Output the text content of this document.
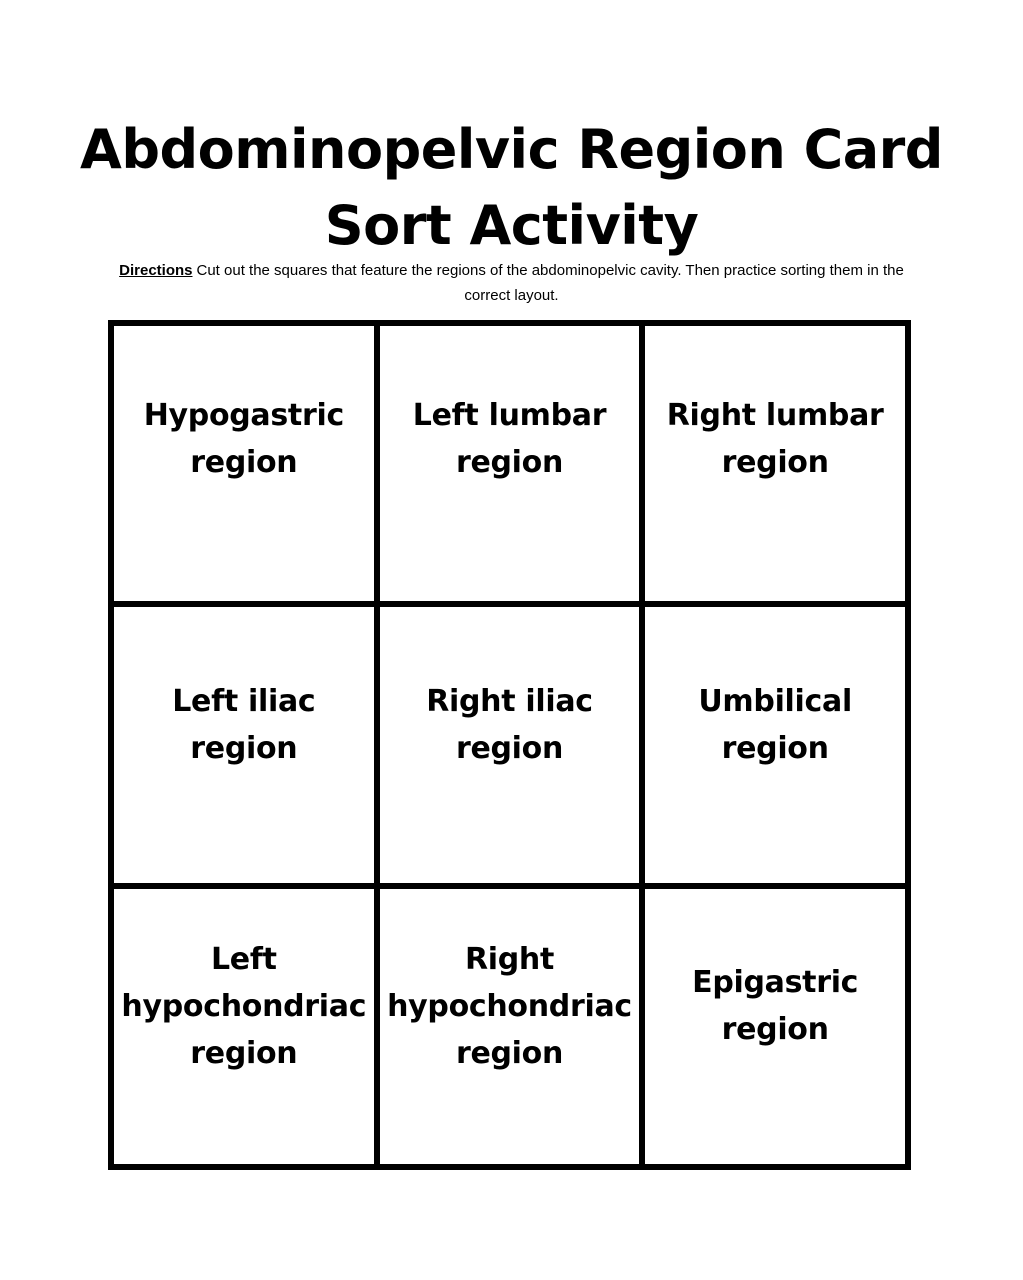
Abdominopelvic Region Card Sort Activity

Directions Cut out the squares that feature the regions of the abdominopelvic cavity. Then practice sorting them in the correct layout.

Hypogastric
region
Left lumbar
region
Right lumbar
region
Left iliac
region
Right iliac
region
Umbilical
region
Left
hypochondriac
region
Right
hypochondriac
region
Epigastric
region
